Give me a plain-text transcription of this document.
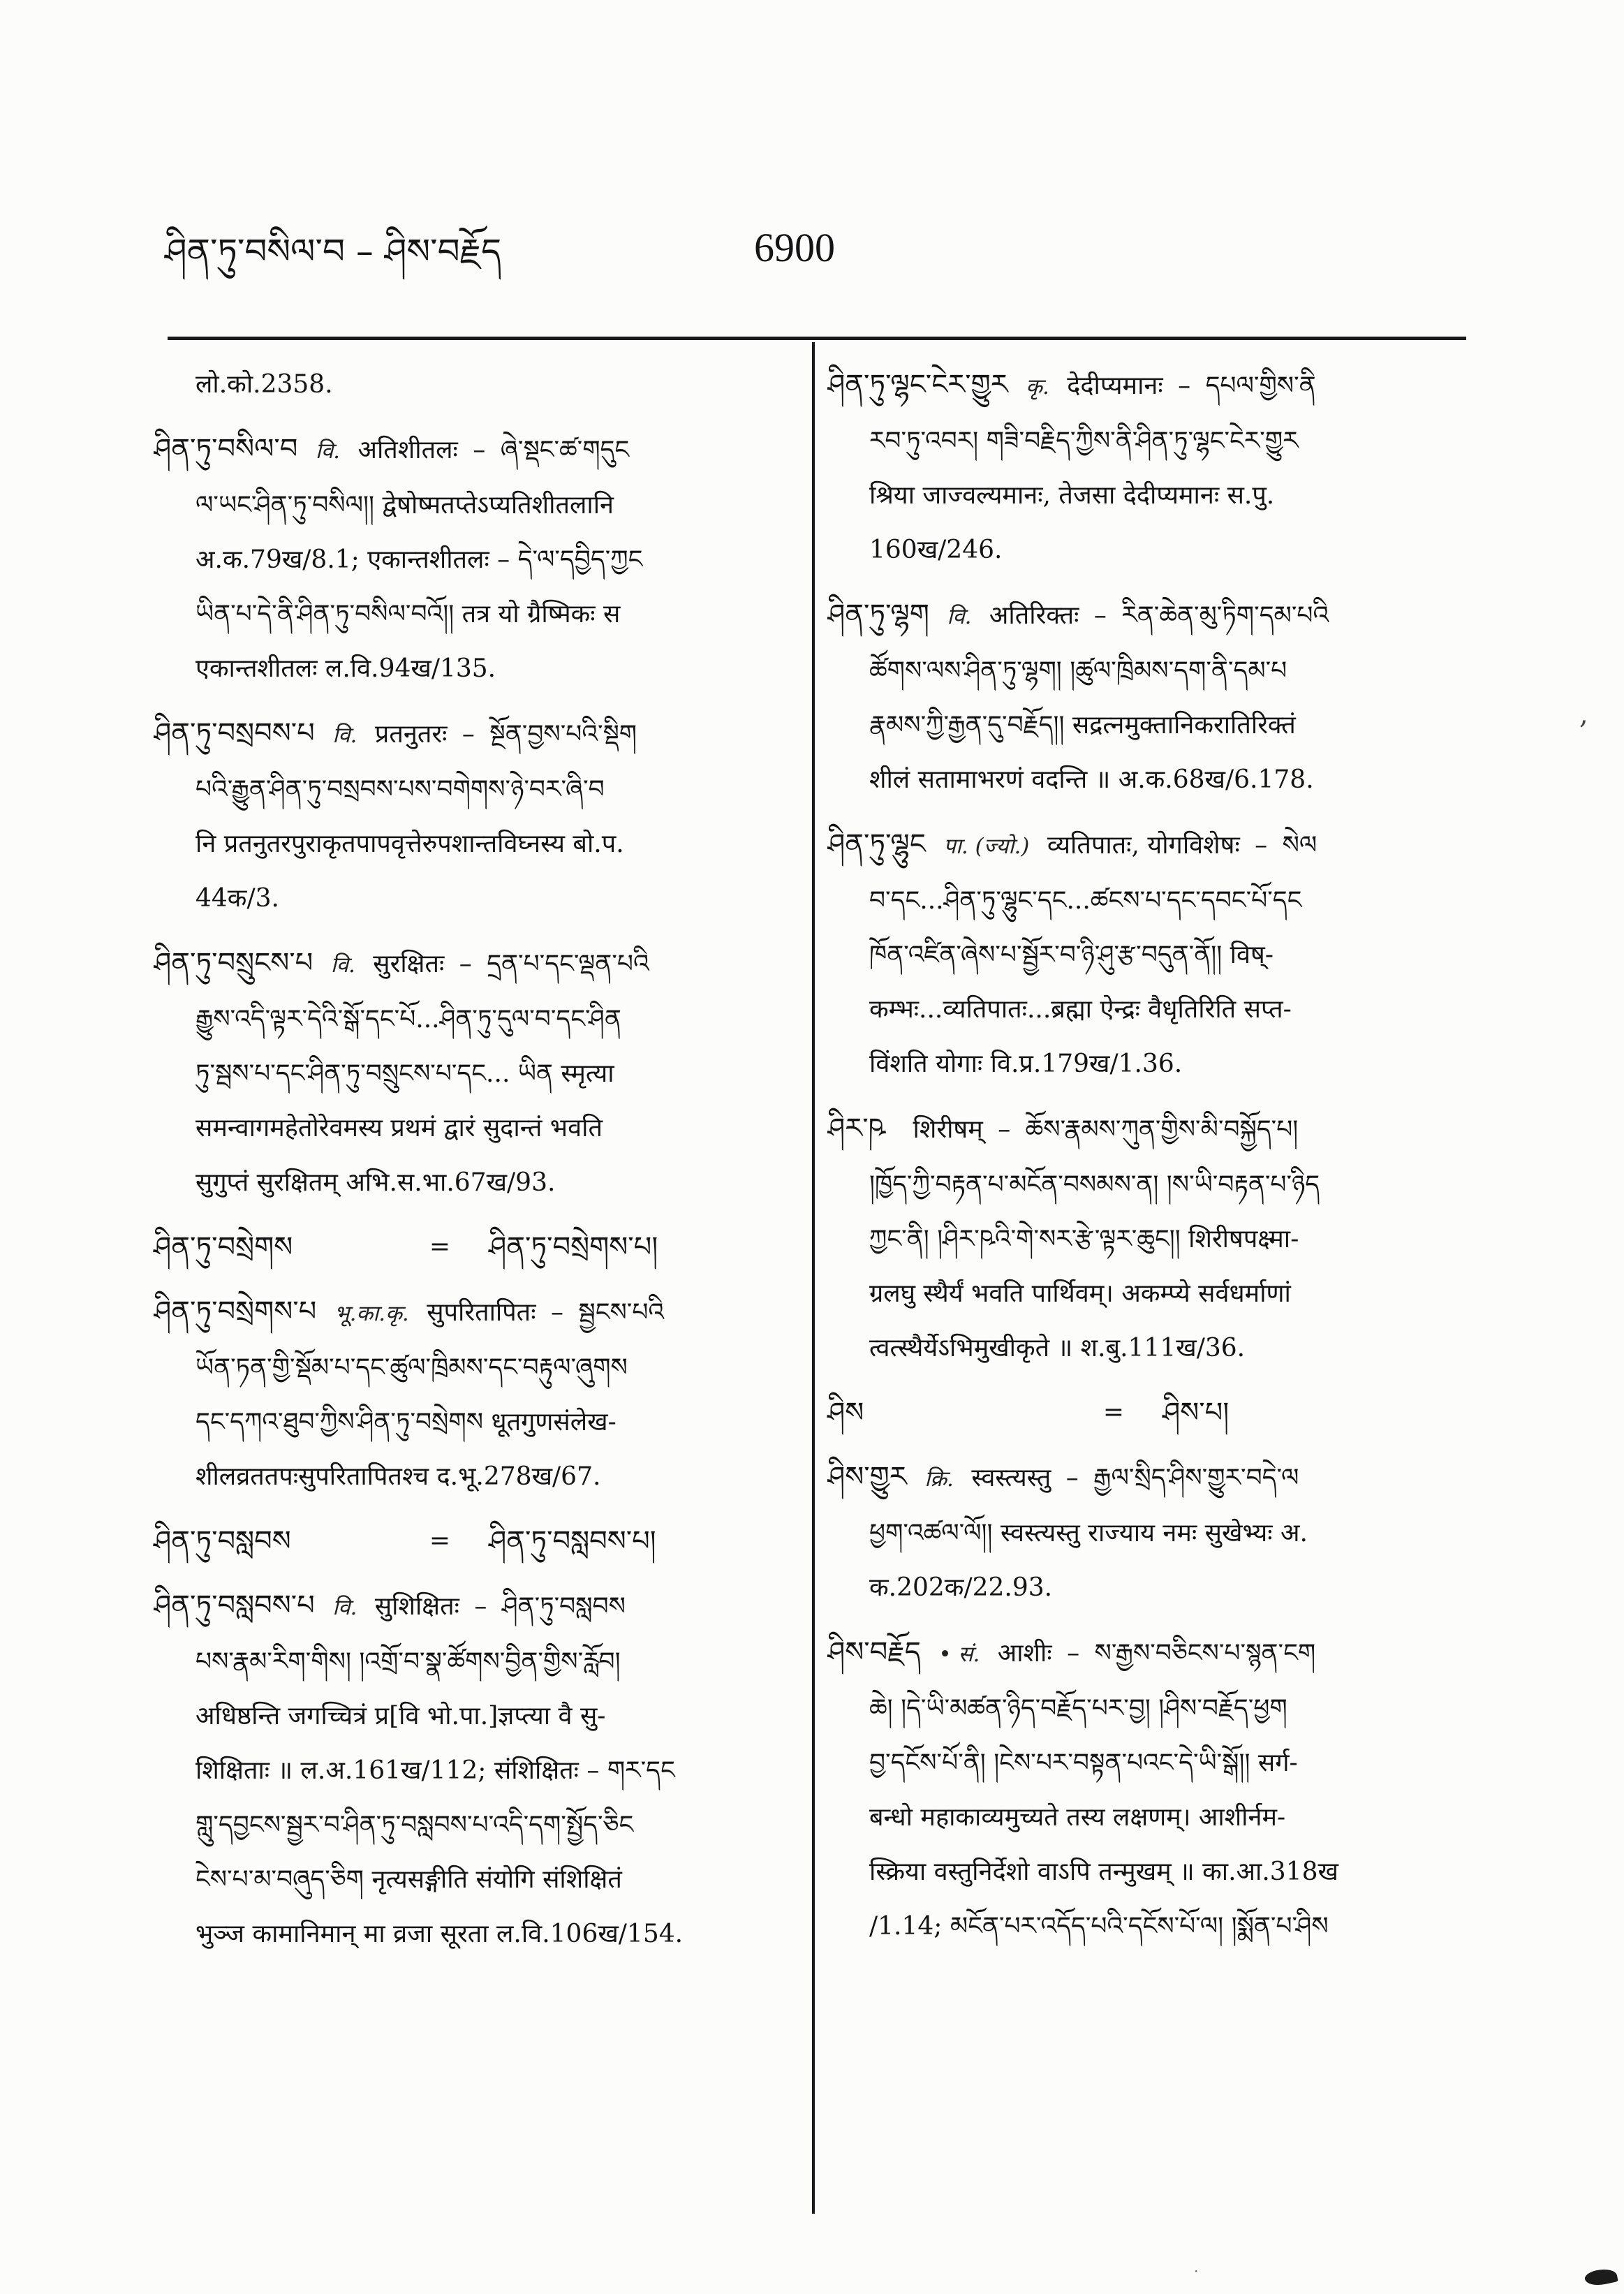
ཤིན་ཏུ་བསིལ་བ – ཤིས་བརྗོད	6900
लो.को.2358.
ཤིན་ཏུ་བསིལ་བ वि. अतिशीतलः – ཞེ་སྡང་ཚ་གདུང
ལ་ཡང་ཤིན་ཏུ་བསིལ།། द्वेषोष्मतप्तेऽप्यतिशीतलानि
अ.क.79ख/8.1; एकान्तशीतलः – དེ་ལ་དབྱིད་ཀྱང
ཡིན་པ་དེ་ནི་ཤིན་ཏུ་བསིལ་བའོ།། तत्र यो ग्रैष्मिकः स
एकान्तशीतलः ल.वि.94ख/135.
ཤིན་ཏུ་བསྲབས་པ वि. प्रतनुतरः – སྔོན་བྱས་པའི་སྡིག
པའི་རྒྱུན་ཤིན་ཏུ་བསྲབས་པས་བགེགས་ཉེ་བར་ཞི་བ
नि प्रतनुतरपुराकृतपापवृत्तेरुपशान्तविघ्नस्य बो.प.
44क/3.
ཤིན་ཏུ་བསྲུངས་པ वि. सुरक्षितः – དྲན་པ་དང་ལྡན་པའི
རྒྱུས་འདི་ལྟར་དེའི་སྒོ་དང་པོ...ཤིན་ཏུ་དུལ་བ་དང་ཤིན
ཏུ་སྦས་པ་དང་ཤིན་ཏུ་བསྲུངས་པ་དང... ཡིན स्मृत्या
समन्वागमहेतोरेवमस्य प्रथमं द्वारं सुदान्तं भवति
सुगुप्तं सुरक्षितम् अभि.स.भा.67ख/93.
ཤིན་ཏུ་བསྲེགས	=	ཤིན་ཏུ་བསྲེགས་པ།
ཤིན་ཏུ་བསྲེགས་པ भू.का.कृ. सुपरितापितः – སྦྱངས་པའི
ཡོན་ཏན་གྱི་སྡོམ་པ་དང་ཚུལ་ཁྲིམས་དང་བརྟུལ་ཞུགས
དང་དཀའ་ཐུབ་ཀྱིས་ཤིན་ཏུ་བསྲེགས धूतगुणसंलेख-
शीलव्रततपःसुपरितापितश्च द.भू.278ख/67.
ཤིན་ཏུ་བསླབས	=	ཤིན་ཏུ་བསླབས་པ།
ཤིན་ཏུ་བསླབས་པ वि. सुशिक्षितः – ཤིན་ཏུ་བསླབས
པས་རྣམ་རིག་གིས། །འགྲོ་བ་སྣ་ཚོགས་བྱིན་གྱིས་རློབ།
अधिष्ठन्ति जगच्चित्रं प्र[वि भो.पा.]ज्ञप्त्या वै सु-
शिक्षिताः ॥ ल.अ.161ख/112; संशिक्षितः – གར་དང
གླུ་དབྱངས་སྦྱར་བ་ཤིན་ཏུ་བསླབས་པ་འདི་དག་སྤྱོད་ཅིང
ངེས་པ་མ་བཞུད་ཅིག नृत्यसङ्गीति संयोगि संशिक्षितं
भुञ्ज कामानिमान् मा व्रजा सूरता ल.वि.106ख/154.
ཤིན་ཏུ་ལྷང་ངེར་གྱུར कृ. देदीप्यमानः – དཔལ་གྱིས་ནི
རབ་ཏུ་འབར། གཟི་བརྗིད་ཀྱིས་ནི་ཤིན་ཏུ་ལྷང་ངེར་གྱུར
श्रिया जाज्वल्यमानः, तेजसा देदीप्यमानः स.पु.
160ख/246.
ཤིན་ཏུ་ལྷག वि. अतिरिक्तः – རིན་ཆེན་མུ་ཏིག་དམ་པའི
ཚོགས་ལས་ཤིན་ཏུ་ལྷག། །ཚུལ་ཁྲིམས་དག་ནི་དམ་པ
རྣམས་ཀྱི་རྒྱན་དུ་བརྗོད།། सद्रत्नमुक्तानिकरातिरिक्तं
शीलं सतामाभरणं वदन्ति ॥ अ.क.68ख/6.178.
ཤིན་ཏུ་ལྷུང पा. (ज्यो.) व्यतिपातः, योगविशेषः – སེལ
བ་དང...ཤིན་ཏུ་ལྷུང་དང...ཚངས་པ་དང་དབང་པོ་དང
ཁོན་འཛིན་ཞེས་པ་སྦྱོར་བ་ཉི་ཤུ་རྩ་བདུན་ནོ།། विष्-
कम्भः...व्यतिपातः...ब्रह्मा ऐन्द्रः वैधृतिरिति सप्त-
विंशति योगाः वि.प्र.179ख/1.36.
ཤིར་ཥ शिरीषम् – ཆོས་རྣམས་ཀུན་གྱིས་མི་བསྐྱོད་པ།
།ཁྱོད་ཀྱི་བརྟན་པ་མངོན་བསམས་ན། །ས་ཡི་བརྟན་པ་ཉིད
ཀྱང་ནི། །ཤིར་ཥའི་གེ་སར་རྩེ་ལྟར་ཆུང།། शिरीषपक्ष्मा-
ग्रलघु स्थैर्यं भवति पार्थिवम्। अकम्प्ये सर्वधर्माणां
त्वत्स्थैर्येऽभिमुखीकृते ॥ श.बु.111ख/36.
ཤིས	=	ཤིས་པ།
ཤིས་གྱུར क्रि. स्वस्त्यस्तु – རྒྱལ་སྲིད་ཤིས་གྱུར་བདེ་ལ
ཕྱག་འཚལ་ལོ།། स्वस्त्यस्तु राज्याय नमः सुखेभ्यः अ.
क.202क/22.93.
ཤིས་བརྗོད • सं. आशीः – ས་རྒྱས་བཅིངས་པ་སྙན་ངག
ཆེ། །དེ་ཡི་མཚན་ཉིད་བརྗོད་པར་བྱ། །ཤིས་བརྗོད་ཕྱག
བྱ་དངོས་པོ་ནི། །ངེས་པར་བསྟན་པའང་དེ་ཡི་སྒོ།། सर्ग-
बन्धो महाकाव्यमुच्यते तस्य लक्षणम्। आशीर्नम-
स्क्रिया वस्तुनिर्देशो वाऽपि तन्मुखम् ॥ का.आ.318ख
/1.14; མངོན་པར་འདོད་པའི་དངོས་པོ་ལ། །སྨོན་པ་ཤིས
,
·
